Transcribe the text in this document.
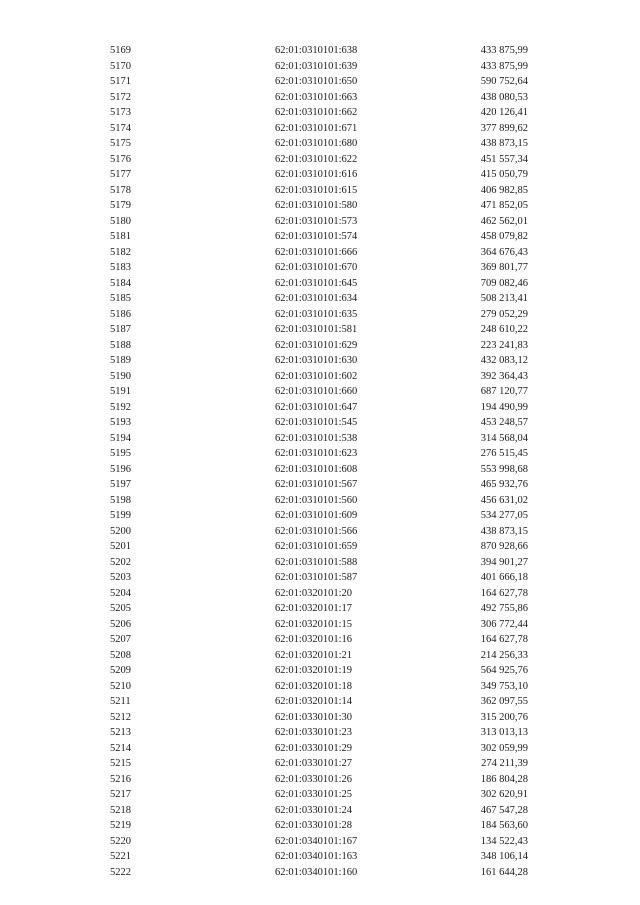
5169	62:01:0310101:638	433 875,99
5170	62:01:0310101:639	433 875,99
5171	62:01:0310101:650	590 752,64
5172	62:01:0310101:663	438 080,53
5173	62:01:0310101:662	420 126,41
5174	62:01:0310101:671	377 899,62
5175	62:01:0310101:680	438 873,15
5176	62:01:0310101:622	451 557,34
5177	62:01:0310101:616	415 050,79
5178	62:01:0310101:615	406 982,85
5179	62:01:0310101:580	471 852,05
5180	62:01:0310101:573	462 562,01
5181	62:01:0310101:574	458 079,82
5182	62:01:0310101:666	364 676,43
5183	62:01:0310101:670	369 801,77
5184	62:01:0310101:645	709 082,46
5185	62:01:0310101:634	508 213,41
5186	62:01:0310101:635	279 052,29
5187	62:01:0310101:581	248 610,22
5188	62:01:0310101:629	223 241,83
5189	62:01:0310101:630	432 083,12
5190	62:01:0310101:602	392 364,43
5191	62:01:0310101:660	687 120,77
5192	62:01:0310101:647	194 490,99
5193	62:01:0310101:545	453 248,57
5194	62:01:0310101:538	314 568,04
5195	62:01:0310101:623	276 515,45
5196	62:01:0310101:608	553 998,68
5197	62:01:0310101:567	465 932,76
5198	62:01:0310101:560	456 631,02
5199	62:01:0310101:609	534 277,05
5200	62:01:0310101:566	438 873,15
5201	62:01:0310101:659	870 928,66
5202	62:01:0310101:588	394 901,27
5203	62:01:0310101:587	401 666,18
5204	62:01:0320101:20	164 627,78
5205	62:01:0320101:17	492 755,86
5206	62:01:0320101:15	306 772,44
5207	62:01:0320101:16	164 627,78
5208	62:01:0320101:21	214 256,33
5209	62:01:0320101:19	564 925,76
5210	62:01:0320101:18	349 753,10
5211	62:01:0320101:14	362 097,55
5212	62:01:0330101:30	315 200,76
5213	62:01:0330101:23	313 013,13
5214	62:01:0330101:29	302 059,99
5215	62:01:0330101:27	274 211,39
5216	62:01:0330101:26	186 804,28
5217	62:01:0330101:25	302 620,91
5218	62:01:0330101:24	467 547,28
5219	62:01:0330101:28	184 563,60
5220	62:01:0340101:167	134 522,43
5221	62:01:0340101:163	348 106,14
5222	62:01:0340101:160	161 644,28
